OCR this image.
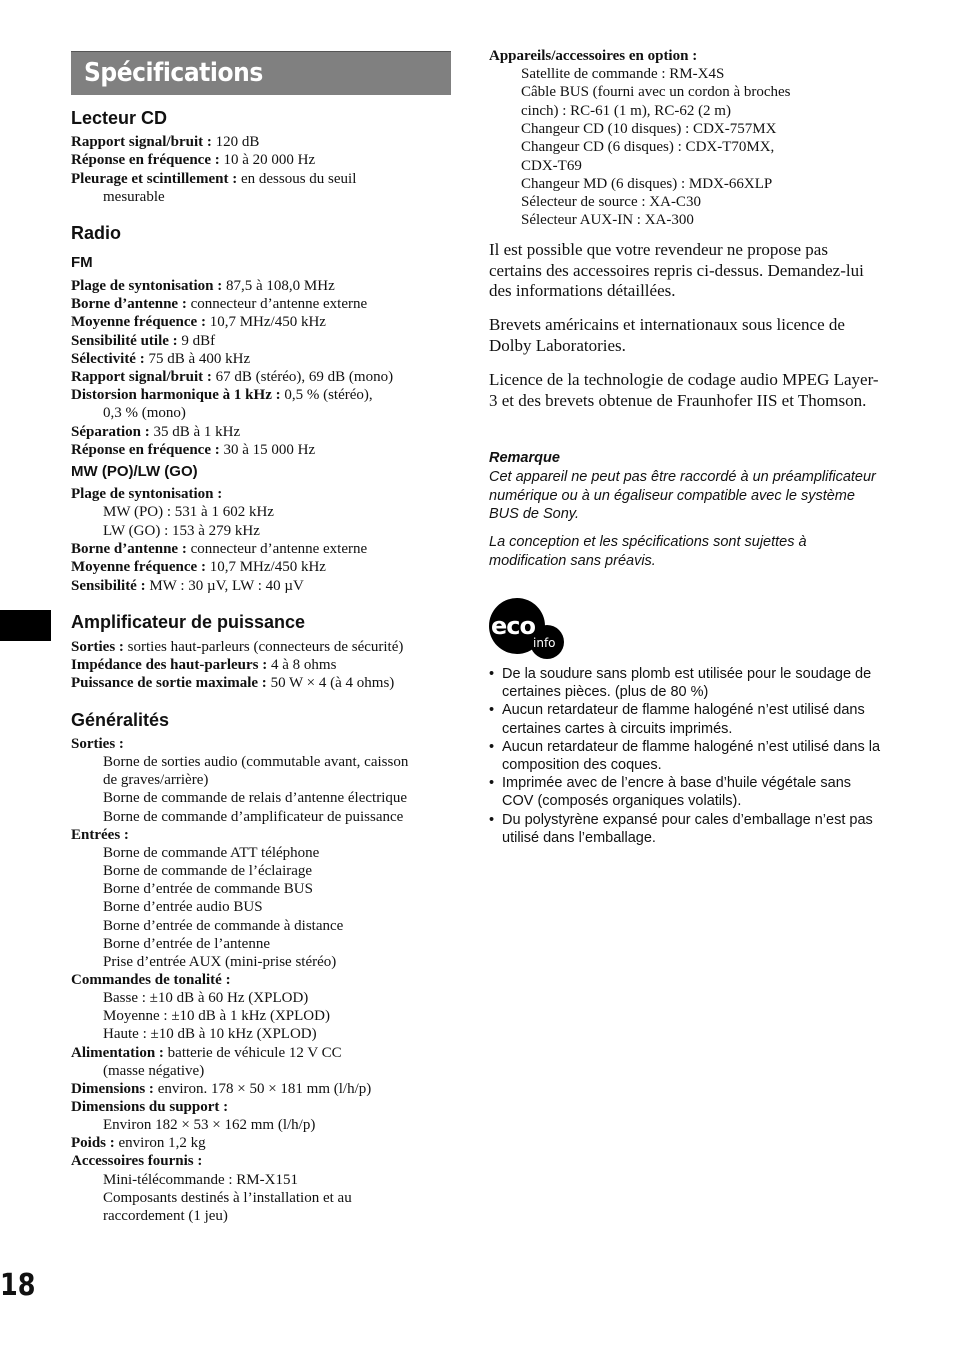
Spécifications
Lecteur CD
Rapport signal/bruit : 120 dB
Réponse en fréquence : 10 à 20 000 Hz
Pleurage et scintillement : en dessous du seuil
mesurable
Radio
FM
Plage de syntonisation : 87,5 à 108,0 MHz
Borne d’antenne : connecteur d’antenne externe
Moyenne fréquence : 10,7 MHz/450 kHz
Sensibilité utile : 9 dBf
Sélectivité : 75 dB à 400 kHz
Rapport signal/bruit : 67 dB (stéréo), 69 dB (mono)
Distorsion harmonique à 1 kHz : 0,5 % (stéréo),
0,3 % (mono)
Séparation : 35 dB à 1 kHz
Réponse en fréquence : 30 à 15 000 Hz
MW (PO)/LW (GO)
Plage de syntonisation :
MW (PO) : 531 à 1 602 kHz
LW (GO) : 153 à 279 kHz
Borne d’antenne : connecteur d’antenne externe
Moyenne fréquence : 10,7 MHz/450 kHz
Sensibilité : MW : 30 µV, LW : 40 µV
Amplificateur de puissance
Sorties : sorties haut-parleurs (connecteurs de sécurité)
Impédance des haut-parleurs : 4 à 8 ohms
Puissance de sortie maximale : 50 W × 4 (à 4 ohms)
Généralités
Sorties :
Borne de sorties audio (commutable avant, caisson
de graves/arrière)
Borne de commande de relais d’antenne électrique
Borne de commande d’amplificateur de puissance
Entrées :
Borne de commande ATT téléphone
Borne de commande de l’éclairage
Borne d’entrée de commande BUS
Borne d’entrée audio BUS
Borne d’entrée de commande à distance
Borne d’entrée de l’antenne
Prise d’entrée AUX (mini-prise stéréo)
Commandes de tonalité :
Basse : ±10 dB à 60 Hz (XPLOD)
Moyenne : ±10 dB à 1 kHz (XPLOD)
Haute : ±10 dB à 10 kHz (XPLOD)
Alimentation : batterie de véhicule 12 V CC
(masse négative)
Dimensions : environ. 178 × 50 × 181 mm (l/h/p)
Dimensions du support :
Environ 182 × 53 × 162 mm (l/h/p)
Poids : environ 1,2 kg
Accessoires fournis :
Mini-télécommande : RM-X151
Composants destinés à l’installation et au
raccordement (1 jeu)
Appareils/accessoires en option :
Satellite de commande : RM-X4S
Câble BUS (fourni avec un cordon à broches
cinch) : RC-61 (1 m), RC-62 (2 m)
Changeur CD (10 disques) : CDX-757MX
Changeur CD (6 disques) : CDX-T70MX,
CDX-T69
Changeur MD (6 disques) : MDX-66XLP
Sélecteur de source : XA-C30
Sélecteur AUX-IN : XA-300
Il est possible que votre revendeur ne propose pas certains des accessoires repris ci-dessus. Demandez-lui des informations détaillées.
Brevets américains et internationaux sous licence de Dolby Laboratories.
Licence de la technologie de codage audio MPEG Layer-3 et des brevets obtenue de Fraunhofer IIS et Thomson.
Remarque
Cet appareil ne peut pas être raccordé à un préamplificateur numérique ou à un égaliseur compatible avec le système BUS de Sony.
La conception et les spécifications sont sujettes à modification sans préavis.
eco
info
• De la soudure sans plomb est utilisée pour le soudage de certaines pièces. (plus de 80 %)
• Aucun retardateur de flamme halogéné n’est utilisé dans certaines cartes à circuits imprimés.
• Aucun retardateur de flamme halogéné n’est utilisé dans la composition des coques.
• Imprimée avec de l’encre à base d’huile végétale sans COV (composés organiques volatils).
• Du polystyrène expansé pour cales d’emballage n’est pas utilisé dans l’emballage.
18
